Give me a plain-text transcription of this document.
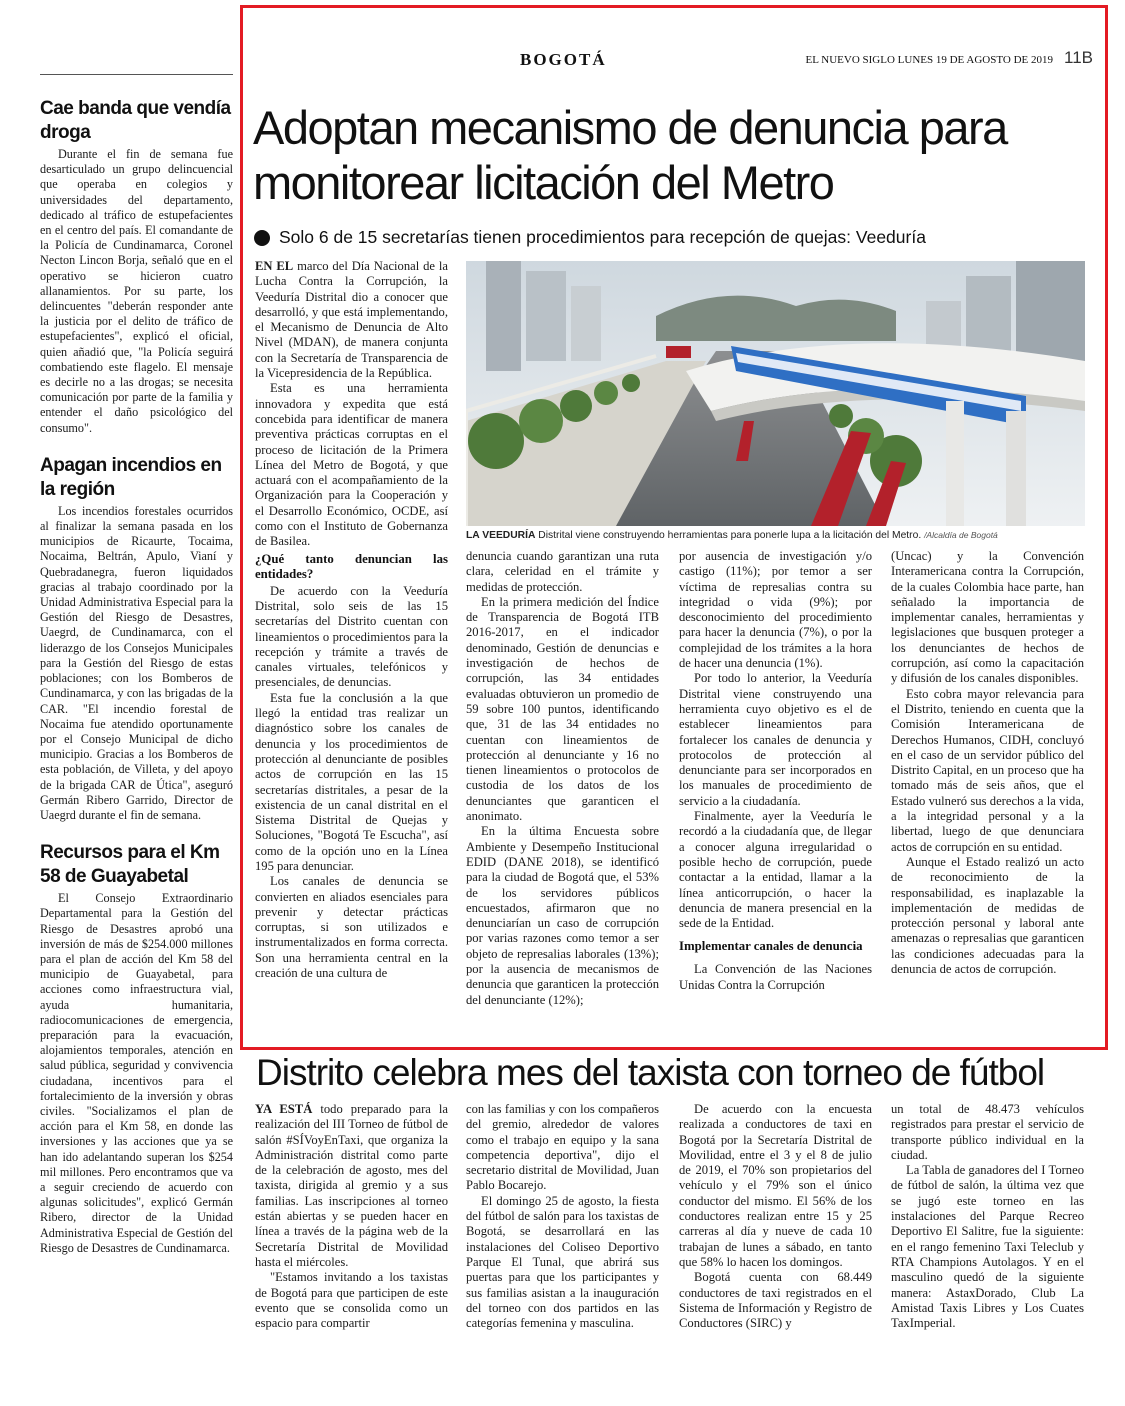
BOGOTÁ	EL NUEVO SIGLO LUNES 19 DE AGOSTO DE 2019 11B
Cae banda que vendía droga

Durante el fin de semana fue desarticulado un grupo delincuencial que operaba en colegios y universidades del departamento, dedicado al tráfico de estupefacientes en el centro del país. El comandante de la Policía de Cundinamarca, Coronel Necton Lincon Borja, señaló que en el operativo se hicieron cuatro allanamientos. Por su parte, los delincuentes "deberán responder ante la justicia por el delito de tráfico de estupefacientes", explicó el oficial, quien añadió que, "la Policía seguirá combatiendo este flagelo. El mensaje es decirle no a las drogas; se necesita comunicación por parte de la familia y entender el daño psicológico del consumo".

Apagan incendios en la región

Los incendios forestales ocurridos al finalizar la semana pasada en los municipios de Ricaurte, Tocaima, Nocaima, Beltrán, Apulo, Vianí y Quebradanegra, fueron liquidados gracias al trabajo coordinado por la Unidad Administrativa Especial para la Gestión del Riesgo de Desastres, Uaegrd, de Cundinamarca, con el liderazgo de los Consejos Municipales para la Gestión del Riesgo de estas poblaciones; con los Bomberos de Cundinamarca, y con las brigadas de la CAR. "El incendio forestal de Nocaima fue atendido oportunamente por el Consejo Municipal de dicho municipio. Gracias a los Bomberos de esta población, de Villeta, y del apoyo de la brigada CAR de Útica", aseguró Germán Ribero Garrido, Director de Uaegrd durante el fin de semana.

Recursos para el Km 58 de Guayabetal

El Consejo Extraordinario Departamental para la Gestión del Riesgo de Desastres aprobó una inversión de más de $254.000 millones para el plan de acción del Km 58 del municipio de Guayabetal, para acciones como infraestructura vial, ayuda humanitaria, radiocomunicaciones de emergencia, preparación para la evacuación, alojamientos temporales, atención en salud pública, seguridad y convivencia ciudadana, incentivos para el fortalecimiento de la inversión y obras civiles. "Socializamos el plan de acción para el Km 58, en donde las inversiones y las acciones que ya se han ido adelantando superan los $254 mil millones. Pero encontramos que va a seguir creciendo de acuerdo con algunas solicitudes", explicó Germán Ribero, director de la Unidad Administrativa Especial de Gestión del Riesgo de Desastres de Cundinamarca.

Adoptan mecanismo de denuncia para monitorear licitación del Metro
Solo 6 de 15 secretarías tienen procedimientos para recepción de quejas: Veeduría

EN EL marco del Día Nacional de la Lucha Contra la Corrupción, la Veeduría Distrital dio a conocer que desarrolló, y que está implementando, el Mecanismo de Denuncia de Alto Nivel (MDAN), de manera conjunta con la Secretaría de Transparencia de la Vicepresidencia de la República.

Esta es una herramienta innovadora y expedita que está concebida para identificar de manera preventiva prácticas corruptas en el proceso de licitación de la Primera Línea del Metro de Bogotá, y que actuará con el acompañamiento de la Organización para la Cooperación y el Desarrollo Económico, OCDE, así como con el Instituto de Gobernanza de Basilea.

¿Qué tanto denuncian las entidades?

De acuerdo con la Veeduría Distrital, solo seis de las 15 secretarías del Distrito cuentan con lineamientos o procedimientos para la recepción y trámite a través de canales virtuales, telefónicos y presenciales, de denuncias.

Esta fue la conclusión a la que llegó la entidad tras realizar un diagnóstico sobre los canales de denuncia y los procedimientos de protección al denunciante de posibles actos de corrupción en las 15 secretarías distritales, a pesar de la existencia de un canal distrital en el Sistema Distrital de Quejas y Soluciones, "Bogotá Te Escucha", así como de la opción uno en la Línea 195 para denunciar.

Los canales de denuncia se convierten en aliados esenciales para prevenir y detectar prácticas corruptas, si son utilizados e instrumentalizados en forma correcta. Son una herramienta central en la creación de una cultura de

LA VEEDURÍA Distrital viene construyendo herramientas para ponerle lupa a la licitación del Metro. /Alcaldía de Bogotá

denuncia cuando garantizan una ruta clara, celeridad en el trámite y medidas de protección.

En la primera medición del Índice de Transparencia de Bogotá ITB 2016-2017, en el indicador denominado, Gestión de denuncias e investigación de hechos de corrupción, las 34 entidades evaluadas obtuvieron un promedio de 59 sobre 100 puntos, identificando que, 31 de las 34 entidades no cuentan con lineamientos de protección al denunciante y 16 no tienen lineamientos o protocolos de custodia de los datos de los denunciantes que garanticen el anonimato.

En la última Encuesta sobre Ambiente y Desempeño Institucional EDID (DANE 2018), se identificó para la ciudad de Bogotá que, el 53% de los servidores públicos encuestados, afirmaron que no denunciarían un caso de corrupción por varias razones como temor a ser objeto de represalias laborales (13%); por la ausencia de mecanismos de denuncia que garanticen la protección del denunciante (12%);

por ausencia de investigación y/o castigo (11%); por temor a ser víctima de represalias contra su integridad o vida (9%); por desconocimiento del procedimiento para hacer la denuncia (7%), o por la complejidad de los trámites a la hora de hacer una denuncia (1%).

Por todo lo anterior, la Veeduría Distrital viene construyendo una herramienta cuyo objetivo es el de establecer lineamientos para fortalecer los canales de denuncia y protocolos de protección al denunciante para ser incorporados en los manuales de procedimiento de servicio a la ciudadanía.

Finalmente, ayer la Veeduría le recordó a la ciudadanía que, de llegar a conocer alguna irregularidad o posible hecho de corrupción, puede contactar a la entidad, llamar a la línea anticorrupción, o hacer la denuncia de manera presencial en la sede de la Entidad.

Implementar canales de denuncia

La Convención de las Naciones Unidas Contra la Corrupción

(Uncac) y la Convención Interamericana contra la Corrupción, de la cuales Colombia hace parte, han señalado la importancia de implementar canales, herramientas y legislaciones que busquen proteger a los denunciantes de hechos de corrupción, así como la capacitación y difusión de los canales disponibles.

Esto cobra mayor relevancia para el Distrito, teniendo en cuenta que la Comisión Interamericana de Derechos Humanos, CIDH, concluyó en el caso de un servidor público del Distrito Capital, en un proceso que ha tomado más de seis años, que el Estado vulneró sus derechos a la vida, a la integridad personal y a la libertad, luego de que denunciara actos de corrupción en su entidad.

Aunque el Estado realizó un acto de reconocimiento de la responsabilidad, es inaplazable la implementación de medidas de protección personal y laboral ante amenazas o represalias que garanticen las condiciones adecuadas para la denuncia de actos de corrupción.

Distrito celebra mes del taxista con torneo de fútbol

YA ESTÁ todo preparado para la realización del III Torneo de fútbol de salón #SÍVoyEnTaxi, que organiza la Administración distrital como parte de la celebración de agosto, mes del taxista, dirigida al gremio y a sus familias. Las inscripciones al torneo están abiertas y se pueden hacer en línea a través de la página web de la Secretaría Distrital de Movilidad hasta el miércoles.

"Estamos invitando a los taxistas de Bogotá para que participen de este evento que se consolida como un espacio para compartir

con las familias y con los compañeros del gremio, alrededor de valores como el trabajo en equipo y la sana competencia deportiva", dijo el secretario distrital de Movilidad, Juan Pablo Bocarejo.

El domingo 25 de agosto, la fiesta del fútbol de salón para los taxistas de Bogotá, se desarrollará en las instalaciones del Coliseo Deportivo Parque El Tunal, que abrirá sus puertas para que los participantes y sus familias asistan a la inauguración del torneo con dos partidos en las categorías femenina y masculina.

De acuerdo con la encuesta realizada a conductores de taxi en Bogotá por la Secretaría Distrital de Movilidad, entre el 3 y el 8 de julio de 2019, el 70% son propietarios del vehículo y el 79% son el único conductor del mismo. El 56% de los conductores realizan entre 15 y 25 carreras al día y nueve de cada 10 trabajan de lunes a sábado, en tanto que 58% lo hacen los domingos.

Bogotá cuenta con 68.449 conductores de taxi registrados en el Sistema de Información y Registro de Conductores (SIRC) y

un total de 48.473 vehículos registrados para prestar el servicio de transporte público individual en la ciudad.

La Tabla de ganadores del I Torneo de fútbol de salón, la última vez que se jugó este torneo en las instalaciones del Parque Recreo Deportivo El Salitre, fue la siguiente: en el rango femenino Taxi Teleclub y RTA Champions Autolagos. Y en el masculino quedó de la siguiente manera: AstaxDorado, Club La Amistad Taxis Libres y Los Cuates TaxImperial.
